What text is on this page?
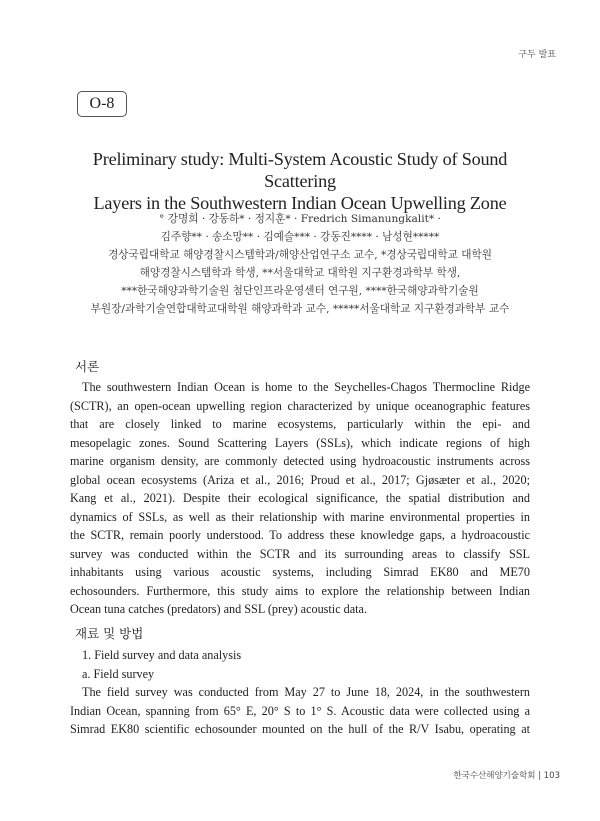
구두 발표
O-8
Preliminary study: Multi-System Acoustic Study of Sound Scattering
Layers in the Southwestern Indian Ocean Upwelling Zone
° 강명희 · 강동하* · 정지훈* · Fredrich Simanungkalit* ·
김주향** · 송소망** · 김예슬*** · 강동진**** · 남성현*****
경상국립대학교 해양경찰시스템학과/해양산업연구소 교수, *경상국립대학교 대학원
해양경찰시스템학과 학생, **서울대학교 대학원 지구환경과학부 학생,
***한국해양과학기술원 첨단인프라운영센터 연구원, ****한국해양과학기술원
부원장/과학기술연합대학교대학원 해양과학과 교수, *****서울대학교 지구환경과학부 교수
서론
The southwestern Indian Ocean is home to the Seychelles-Chagos Thermocline Ridge
(SCTR), an open-ocean upwelling region characterized by unique oceanographic features
that are closely linked to marine ecosystems, particularly within the epi- and
mesopelagic zones. Sound Scattering Layers (SSLs), which indicate regions of high
marine organism density, are commonly detected using hydroacoustic instruments across
global ocean ecosystems (Ariza et al., 2016; Proud et al., 2017; Gjøsæter et al., 2020;
Kang et al., 2021). Despite their ecological significance, the spatial distribution and
dynamics of SSLs, as well as their relationship with marine environmental properties in
the SCTR, remain poorly understood. To address these knowledge gaps, a hydroacoustic
survey was conducted within the SCTR and its surrounding areas to classify SSL
inhabitants using various acoustic systems, including Simrad EK80 and ME70
echosounders. Furthermore, this study aims to explore the relationship between Indian
Ocean tuna catches (predators) and SSL (prey) acoustic data.
재료 및 방법
1. Field survey and data analysis
a. Field survey
The field survey was conducted from May 27 to June 18, 2024, in the southwestern
Indian Ocean, spanning from 65° E, 20° S to 1° S. Acoustic data were collected using a
Simrad EK80 scientific echosounder mounted on the hull of the R/V Isabu, operating at
한국수산해양기술학회 | 103
